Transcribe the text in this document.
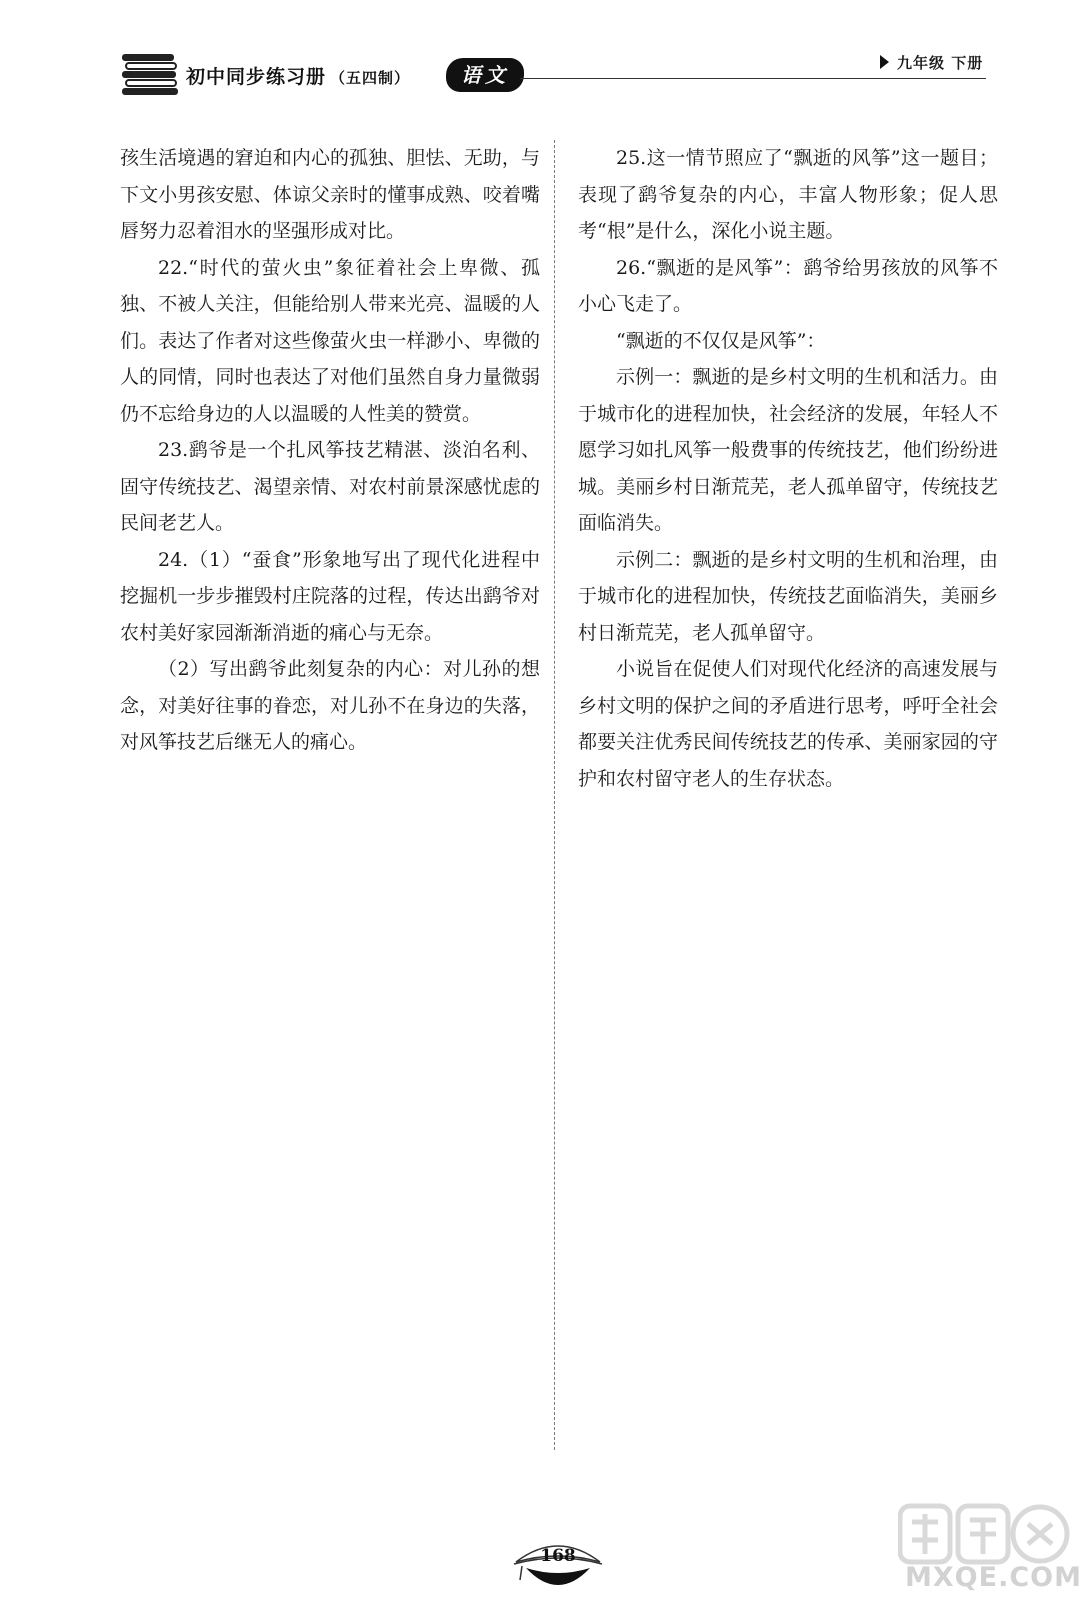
初中同步练习册 （五四制）	语文	九年级 下册

孩生活境遇的窘迫和内心的孤独、胆怯、无助，与下文小男孩安慰、体谅父亲时的懂事成熟、咬着嘴唇努力忍着泪水的坚强形成对比。

22.“时代的萤火虫”象征着社会上卑微、孤独、不被人关注，但能给别人带来光亮、温暖的人们。表达了作者对这些像萤火虫一样渺小、卑微的人的同情，同时也表达了对他们虽然自身力量微弱仍不忘给身边的人以温暖的人性美的赞赏。

23.鹞爷是一个扎风筝技艺精湛、淡泊名利、固守传统技艺、渴望亲情、对农村前景深感忧虑的民间老艺人。

24.（1）“蚕食”形象地写出了现代化进程中挖掘机一步步摧毁村庄院落的过程，传达出鹞爷对农村美好家园渐渐消逝的痛心与无奈。

（2）写出鹞爷此刻复杂的内心：对儿孙的想念，对美好往事的眷恋，对儿孙不在身边的失落，对风筝技艺后继无人的痛心。

25.这一情节照应了“飘逝的风筝”这一题目；表现了鹞爷复杂的内心，丰富人物形象；促人思考“根”是什么，深化小说主题。

26.“飘逝的是风筝”：鹞爷给男孩放的风筝不小心飞走了。

“飘逝的不仅仅是风筝”：

示例一：飘逝的是乡村文明的生机和活力。由于城市化的进程加快，社会经济的发展，年轻人不愿学习如扎风筝一般费事的传统技艺，他们纷纷进城。美丽乡村日渐荒芜，老人孤单留守，传统技艺面临消失。

示例二：飘逝的是乡村文明的生机和治理，由于城市化的进程加快，传统技艺面临消失，美丽乡村日渐荒芜，老人孤单留守。

小说旨在促使人们对现代化经济的高速发展与乡村文明的保护之间的矛盾进行思考，呼吁全社会都要关注优秀民间传统技艺的传承、美丽家园的守护和农村留守老人的生存状态。

168
MXQE.COM
